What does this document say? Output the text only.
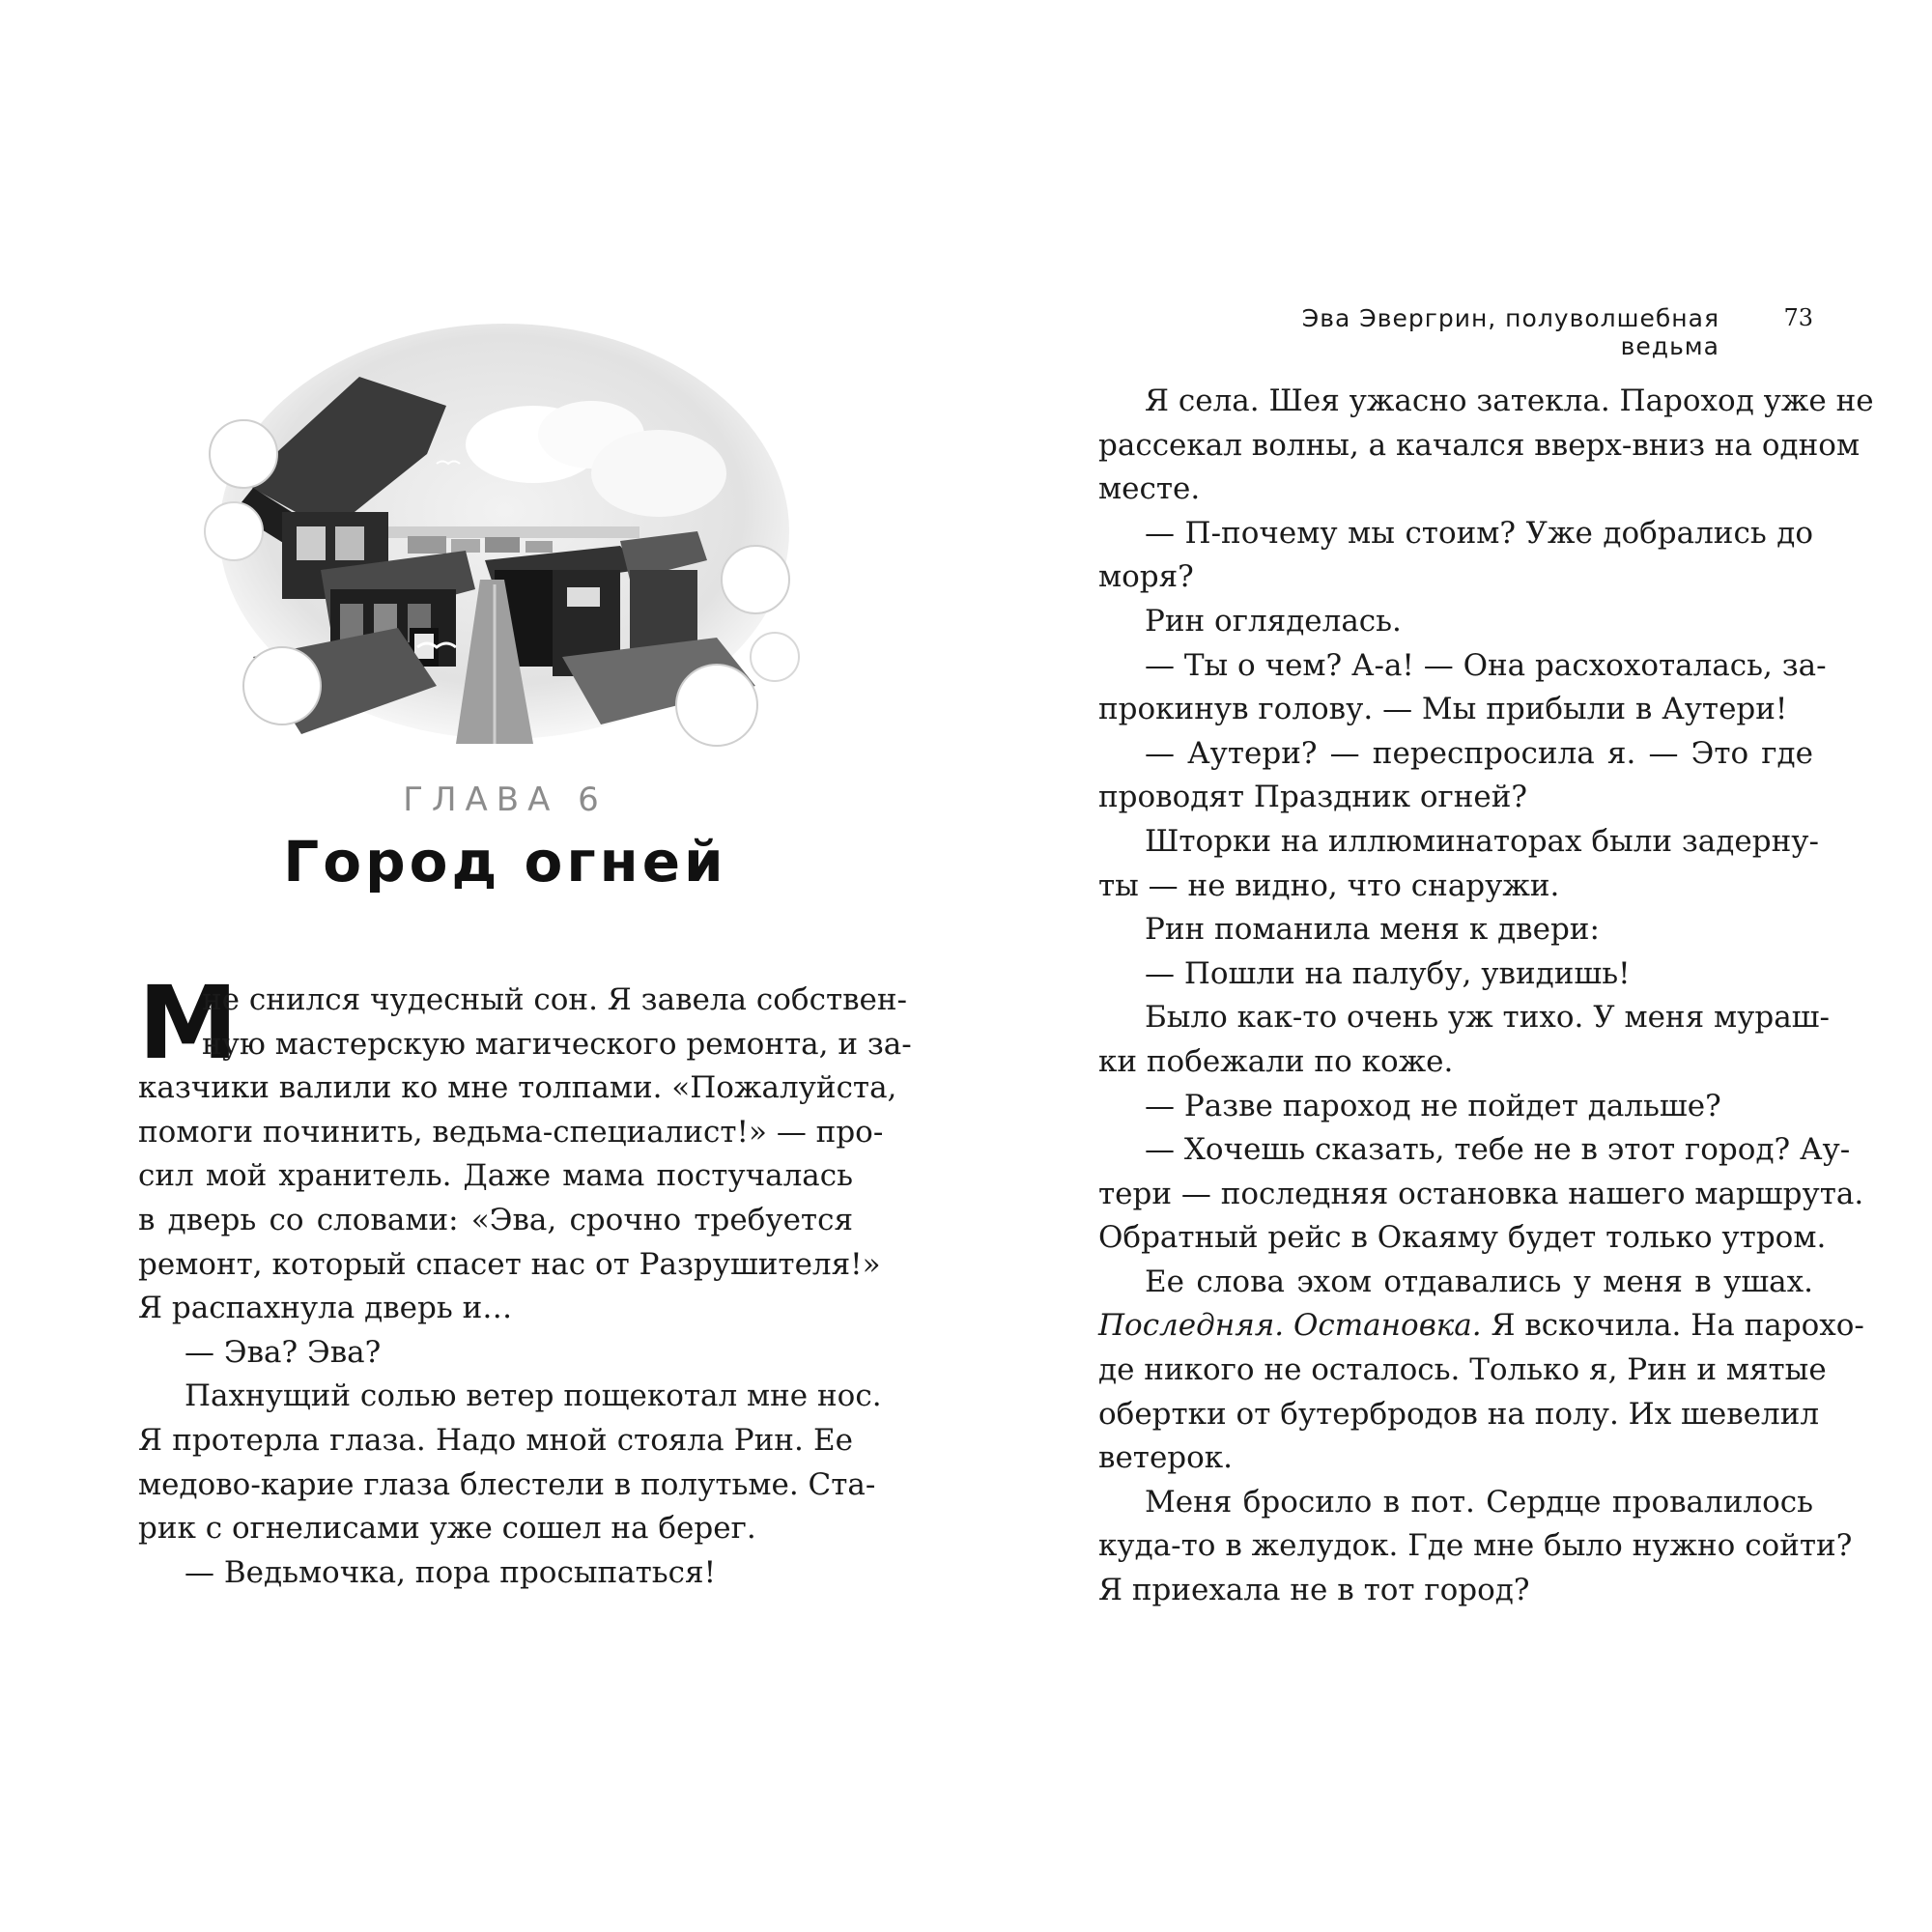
ГЛАВА 6
Город огней
М
не снился чудесный сон. Я завела собствен-
ную мастерскую магического ремонта, и за-
казчики валили ко мне толпами. «Пожалуйста,
помоги починить, ведьма-специалист!» — про-
сил мой хранитель. Даже мама постучалась
в дверь со словами: «Эва, срочно требуется
ремонт, который спасет нас от Разрушителя!»
Я распахнула дверь и…
— Эва? Эва?
Пахнущий солью ветер пощекотал мне нос.
Я протерла глаза. Надо мной стояла Рин. Ее
медово-карие глаза блестели в полутьме. Ста-
рик с огнелисами уже сошел на берег.
— Ведьмочка, пора просыпаться!
Эва Эвергрин, полуволшебная ведьма
73
Я села. Шея ужасно затекла. Пароход уже не
рассекал волны, а качался вверх-вниз на одном
месте.
— П-почему мы стоим? Уже добрались до
моря?
Рин огляделась.
— Ты о чем? А-а! — Она расхохоталась, за-
прокинув голову. — Мы прибыли в Аутери!
— Аутери? — переспросила я. — Это где
проводят Праздник огней?
Шторки на иллюминаторах были задерну-
ты — не видно, что снаружи.
Рин поманила меня к двери:
— Пошли на палубу, увидишь!
Было как-то очень уж тихо. У меня мураш-
ки побежали по коже.
— Разве пароход не пойдет дальше?
— Хочешь сказать, тебе не в этот город? Ау-
тери — последняя остановка нашего маршрута.
Обратный рейс в Окаяму будет только утром.
Ее слова эхом отдавались у меня в ушах.
Последняя. Остановка. Я вскочила. На парохо-
де никого не осталось. Только я, Рин и мятые
обертки от бутербродов на полу. Их шевелил
ветерок.
Меня бросило в пот. Сердце провалилось
куда-то в желудок. Где мне было нужно сойти?
Я приехала не в тот город?
